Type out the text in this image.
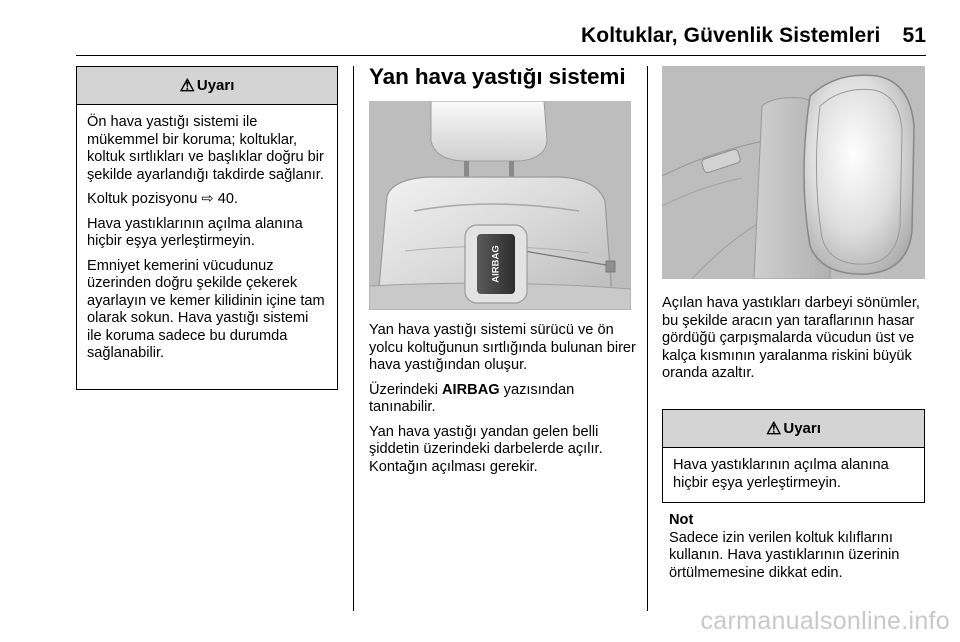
Koltuklar, Güvenlik Sistemleri 51
⚠ Uyarı

Ön hava yastığı sistemi ile mükemmel bir koruma; koltuklar, koltuk sırtlıkları ve başlıklar doğru bir şekilde ayarlandığı takdirde sağlanır.

Koltuk pozisyonu ⇨ 40.

Hava yastıklarının açılma alanına hiçbir eşya yerleştirmeyin.

Emniyet kemerini vücudunuz üzerinden doğru şekilde çekerek ayarlayın ve kemer kilidinin içine tam olarak sokun. Hava yastığı sistemi ile koruma sadece bu durumda sağlanabilir.

Yan hava yastığı sistemi
AIRBAG

Yan hava yastığı sistemi sürücü ve ön yolcu koltuğunun sırtlığında bulunan birer hava yastığından oluşur.

Üzerindeki AIRBAG yazısından tanınabilir.

Yan hava yastığı yandan gelen belli şiddetin üzerindeki darbelerde açılır. Kontağın açılması gerekir.

Açılan hava yastıkları darbeyi sönümler, bu şekilde aracın yan taraflarının hasar gördüğü çarpışmalarda vücudun üst ve kalça kısmının yaralanma riskini büyük oranda azaltır.

⚠ Uyarı

Hava yastıklarının açılma alanına hiçbir eşya yerleştirmeyin.

Not

Sadece izin verilen koltuk kılıflarını kullanın. Hava yastıklarının üzerinin örtülmemesine dikkat edin.

carmanualsonline.info
